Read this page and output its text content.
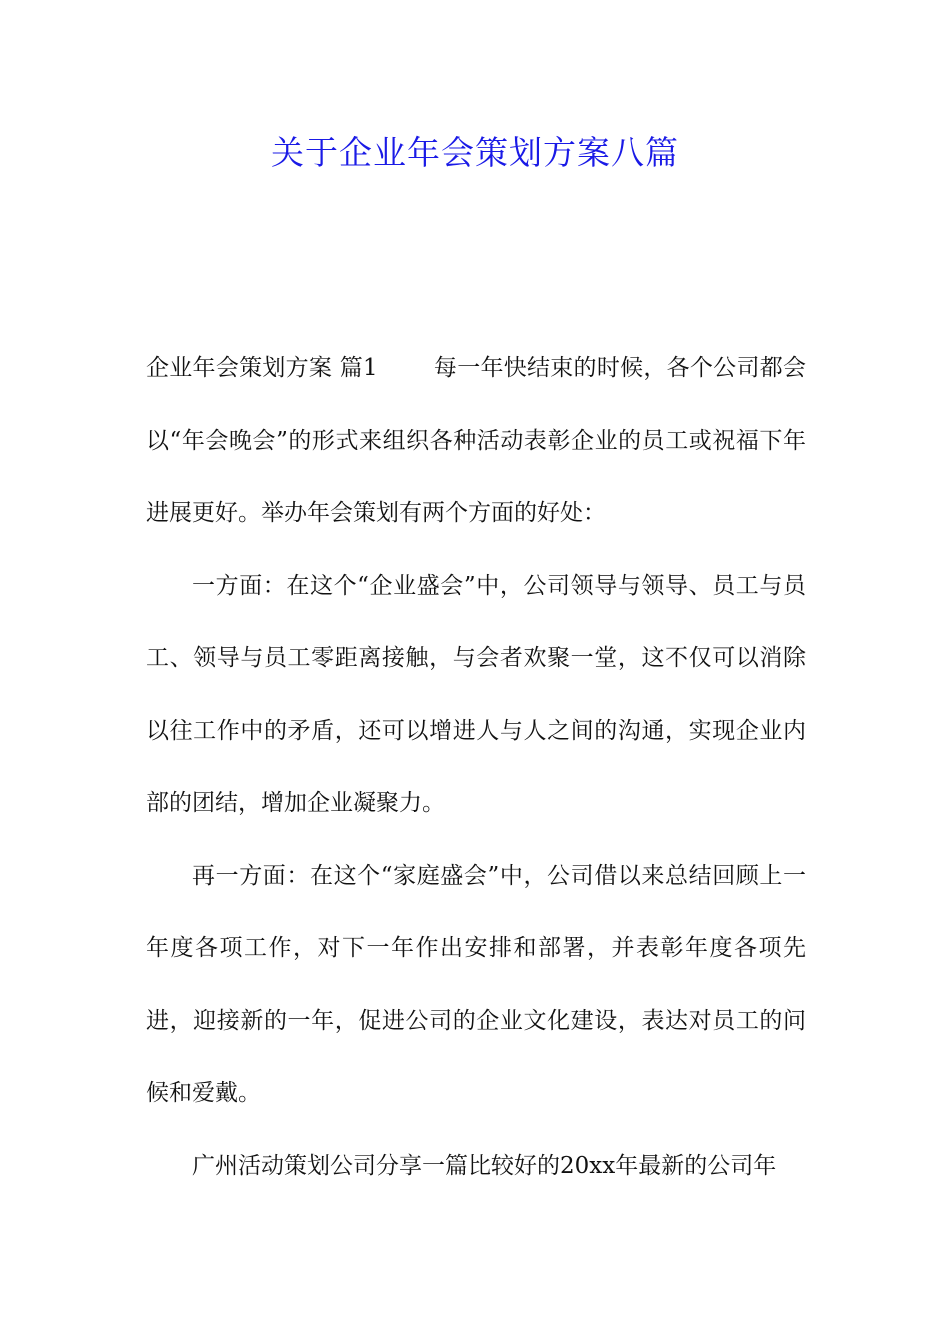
关于企业年会策划方案八篇

企业年会策划方案 篇1 每一年快结束的时候，各个公司都会以“年会晚会”的形式来组织各种活动表彰企业的员工或祝福下年进展更好。举办年会策划有两个方面的好处：

一方面：在这个“企业盛会”中，公司领导与领导、员工与员工、领导与员工零距离接触，与会者欢聚一堂，这不仅可以消除以往工作中的矛盾，还可以增进人与人之间的沟通，实现企业内部的团结，增加企业凝聚力。

再一方面：在这个“家庭盛会”中，公司借以来总结回顾上一年度各项工作，对下一年作出安排和部署，并表彰年度各项先进，迎接新的一年，促进公司的企业文化建设，表达对员工的问候和爱戴。

广州活动策划公司分享一篇比较好的20xx年最新的公司年
